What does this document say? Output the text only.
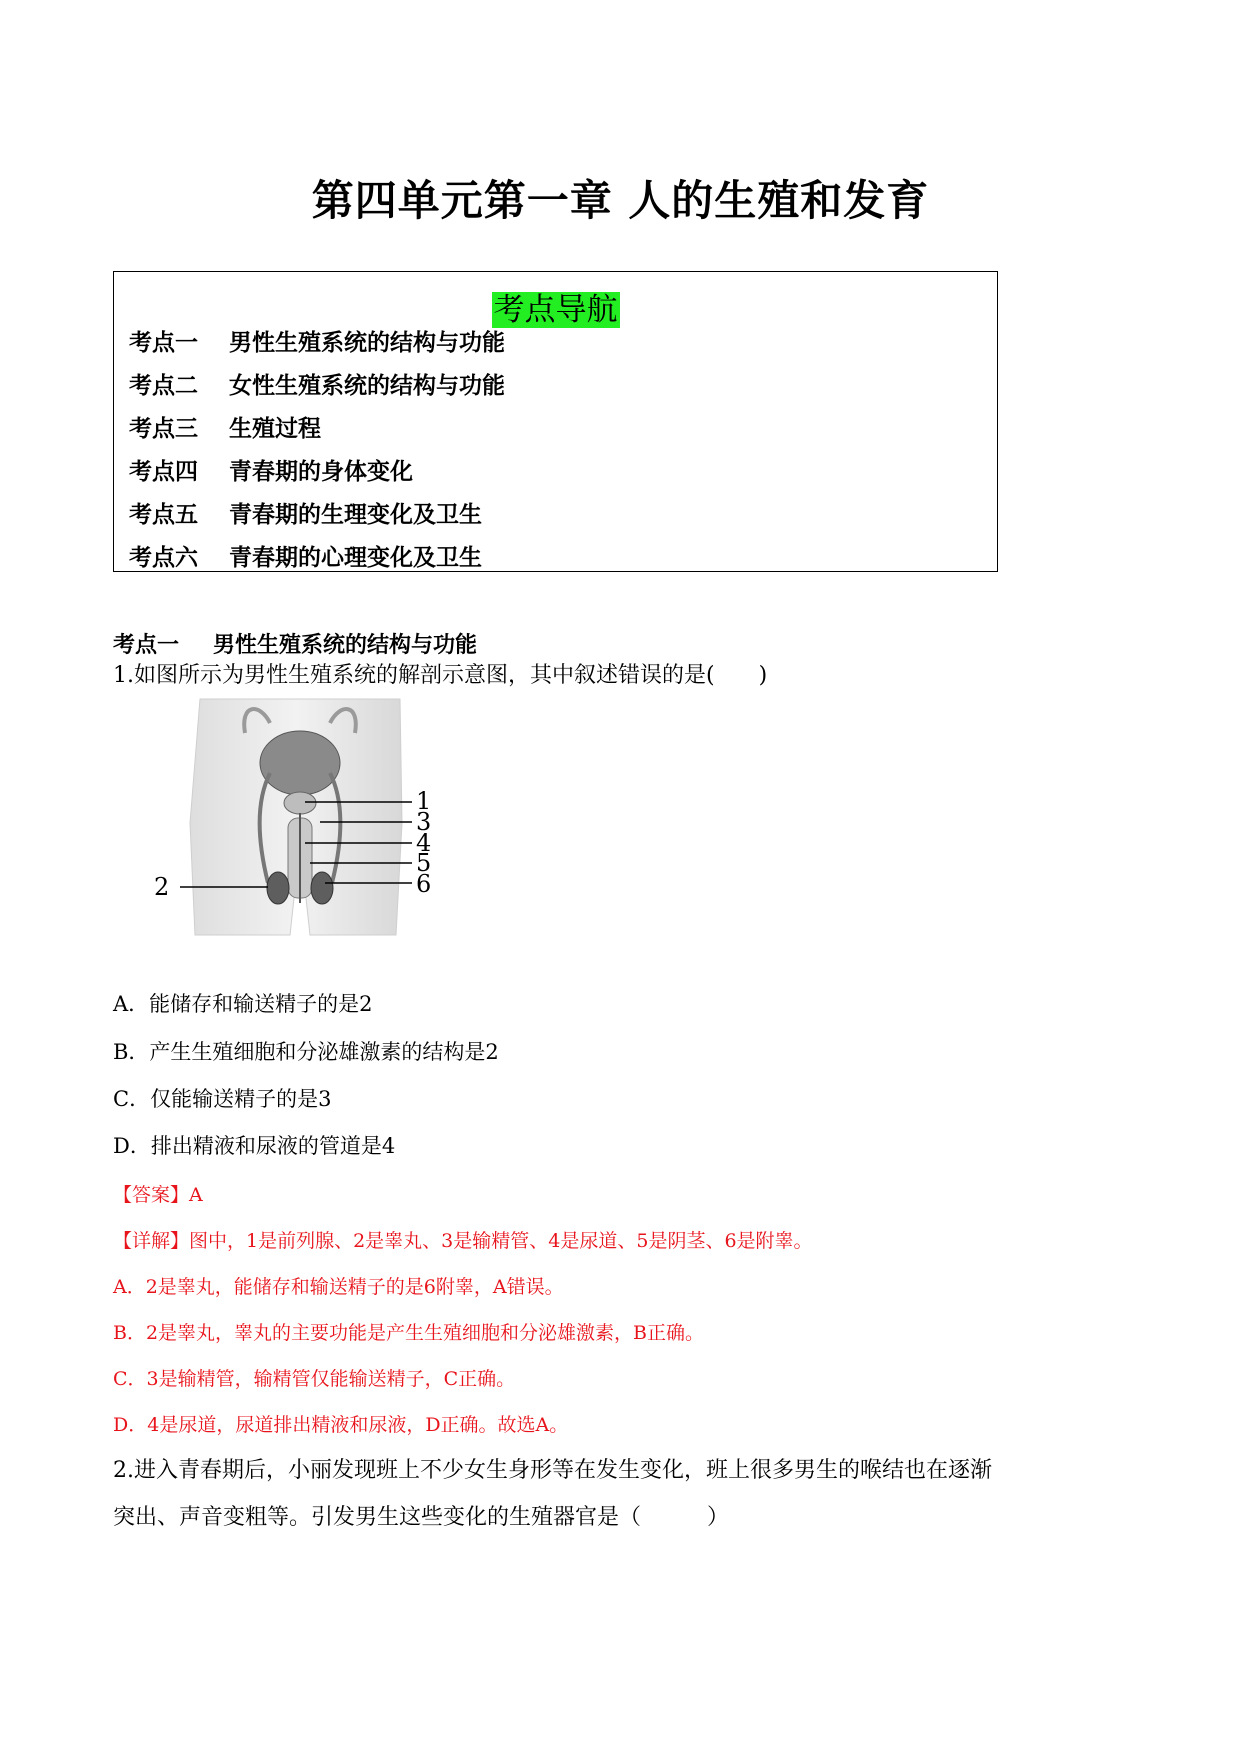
第四单元第一章 人的生殖和发育
考点导航
考点一 男性生殖系统的结构与功能
考点二 女性生殖系统的结构与功能
考点三 生殖过程
考点四 青春期的身体变化
考点五 青春期的生理变化及卫生
考点六 青春期的心理变化及卫生
考点一 男性生殖系统的结构与功能
1.如图所示为男性生殖系统的解剖示意图，其中叙述错误的是(　　)
1
3
4
5
6
2
A．能储存和输送精子的是2
B．产生生殖细胞和分泌雄激素的结构是2
C．仅能输送精子的是3
D．排出精液和尿液的管道是4
【答案】A
【详解】图中，1是前列腺、2是睾丸、3是输精管、4是尿道、5是阴茎、6是附睾。
A．2是睾丸，能储存和输送精子的是6附睾，A错误。
B．2是睾丸，睾丸的主要功能是产生生殖细胞和分泌雄激素，B正确。
C．3是输精管，输精管仅能输送精子，C正确。
D．4是尿道，尿道排出精液和尿液，D正确。故选A。
2.进入青春期后，小丽发现班上不少女生身形等在发生变化，班上很多男生的喉结也在逐渐
突出、声音变粗等。引发男生这些变化的生殖器官是（　　　）
